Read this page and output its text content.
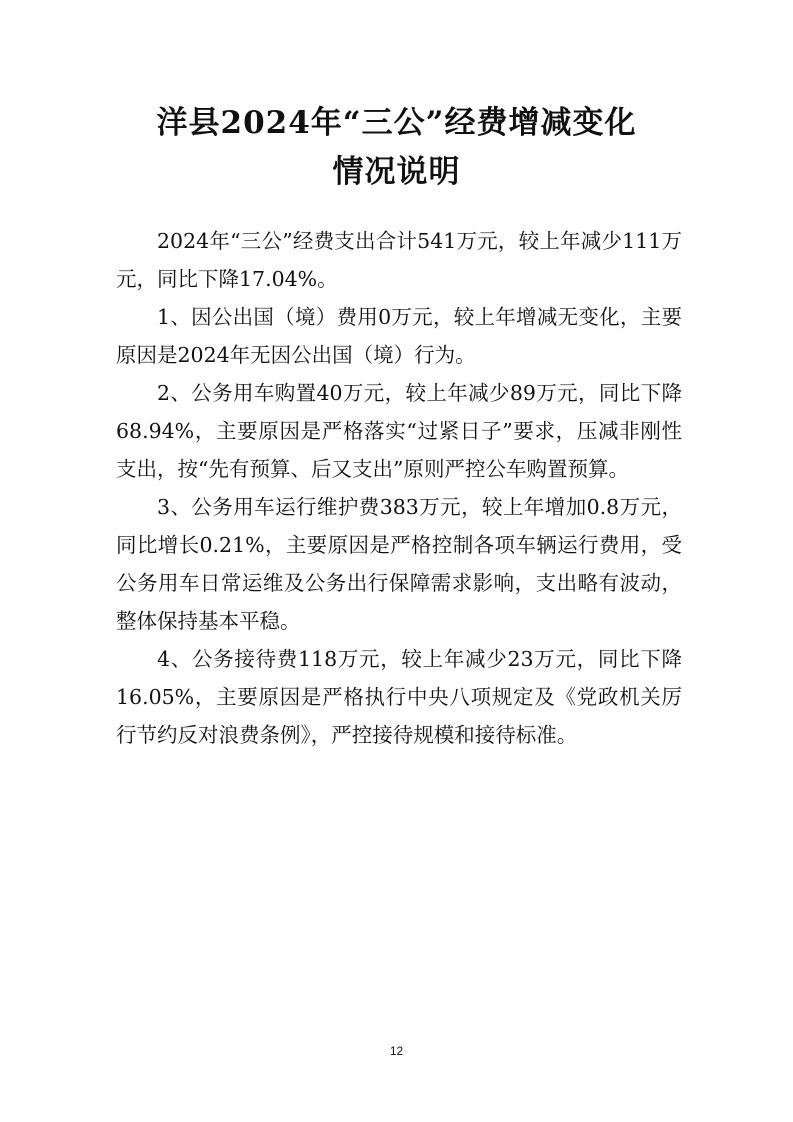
洋县2024年“三公”经费增减变化
情况说明

2024年“三公”经费支出合计541万元，较上年减少111万元，同比下降17.04%。

1、因公出国（境）费用0万元，较上年增减无变化，主要原因是2024年无因公出国（境）行为。

2、公务用车购置40万元，较上年减少89万元，同比下降68.94%，主要原因是严格落实“过紧日子”要求，压减非刚性支出，按“先有预算、后又支出”原则严控公车购置预算。

3、公务用车运行维护费383万元，较上年增加0.8万元，同比增长0.21%，主要原因是严格控制各项车辆运行费用，受公务用车日常运维及公务出行保障需求影响，支出略有波动，整体保持基本平稳。

4、公务接待费118万元，较上年减少23万元，同比下降16.05%，主要原因是严格执行中央八项规定及《党政机关厉行节约反对浪费条例》，严控接待规模和接待标准。

12
